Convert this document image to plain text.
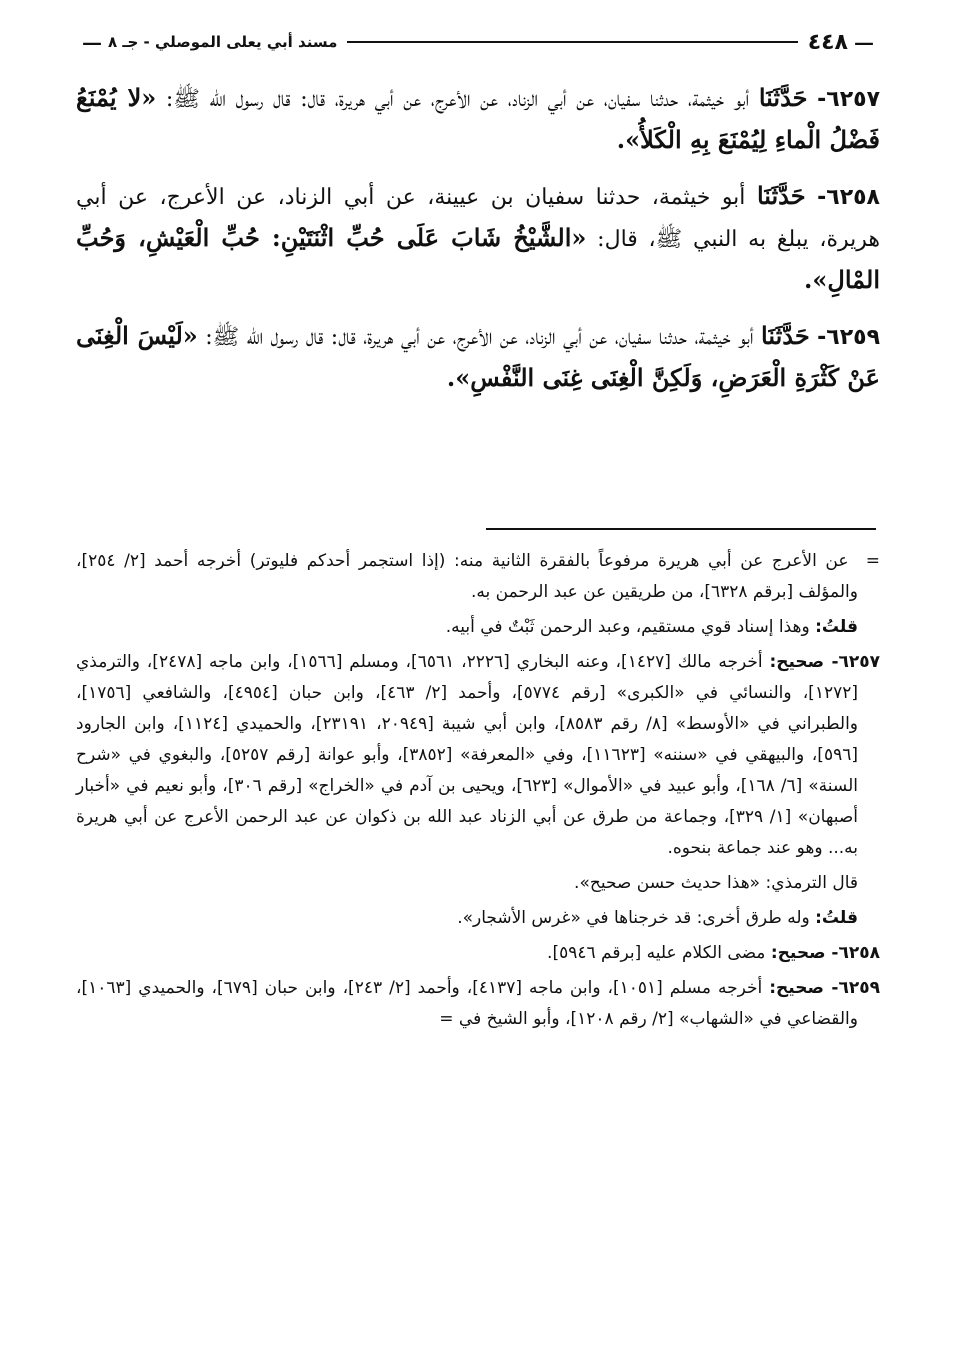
—
٤٤٨
مسند أبي يعلى الموصلي - جـ ٨
—

٦٢٥٧- حَدَّثَنَا أبو خيثمة، حدثنا سفيان، عن أبي الزناد، عن الأعرج، عن أبي هريرة، قال: قال رسول الله ﷺ: «لا يُمْنَعُ فَضْلُ الْماءِ لِيُمْنَعَ بِهِ الْكَلأُ».

٦٢٥٨- حَدَّثَنَا أبو خيثمة، حدثنا سفيان بن عيينة، عن أبي الزناد، عن الأعرج، عن أبي هريرة، يبلغ به النبي ﷺ، قال: «الشَّيْخُ شَابَ عَلَى حُبِّ اثْنَتَيْنِ: حُبِّ الْعَيْشِ، وَحُبِّ المْالِ».

٦٢٥٩- حَدَّثَنَا أبو خيثمة، حدثنا سفيان، عن أبي الزناد، عن الأعرج، عن أبي هريرة، قال: قال رسول الله ﷺ: «لَيْسَ الْغِنَى عَنْ كَثْرَةِ الْعَرَضِ، وَلَكِنَّ الْغِنَى غِنَى النَّفْسِ».

=  عن الأعرج عن أبي هريرة مرفوعاً بالفقرة الثانية منه: (إذا استجمر أحدكم فليوتر) أخرجه أحمد [٢/ ٢٥٤]، والمؤلف [برقم ٦٣٢٨]، من طريقين عن عبد الرحمن به.

قلتُ: وهذا إسناد قوي مستقيم، وعبد الرحمن ثَبْتٌ في أبيه.

٦٢٥٧- صحيح: أخرجه مالك [١٤٢٧]، وعنه البخاري [٢٢٢٦، ٦٥٦١]، ومسلم [١٥٦٦]، وابن ماجه [٢٤٧٨]، والترمذي [١٢٧٢]، والنسائي في «الكبرى» [رقم ٥٧٧٤]، وأحمد [٢/ ٤٦٣]، وابن حبان [٤٩٥٤]، والشافعي [١٧٥٦]، والطبراني في «الأوسط» [٨/ رقم ٨٥٨٣]، وابن أبي شيبة [٢٠٩٤٩، ٢٣١٩١]، والحميدي [١١٢٤]، وابن الجارود [٥٩٦]، والبيهقي في «سننه» [١١٦٢٣]، وفي «المعرفة» [٣٨٥٢]، وأبو عوانة [رقم ٥٢٥٧]، والبغوي في «شرح السنة» [٦/ ١٦٨]، وأبو عبيد في «الأموال» [٦٢٣]، ويحيى بن آدم في «الخراج» [رقم ٣٠٦]، وأبو نعيم في «أخبار أصبهان» [١/ ٣٢٩]، وجماعة من طرق عن أبي الزناد عبد الله بن ذكوان عن عبد الرحمن الأعرج عن أبي هريرة به... وهو عند جماعة بنحوه.

قال الترمذي: «هذا حديث حسن صحيح».

قلتُ: وله طرق أخرى: قد خرجناها في «غرس الأشجار».

٦٢٥٨- صحيح: مضى الكلام عليه [برقم ٥٩٤٦].

٦٢٥٩- صحيح: أخرجه مسلم [١٠٥١]، وابن ماجه [٤١٣٧]، وأحمد [٢/ ٢٤٣]، وابن حبان [٦٧٩]، والحميدي [١٠٦٣]، والقضاعي في «الشهاب» [٢/ رقم ١٢٠٨]، وأبو الشيخ في =
